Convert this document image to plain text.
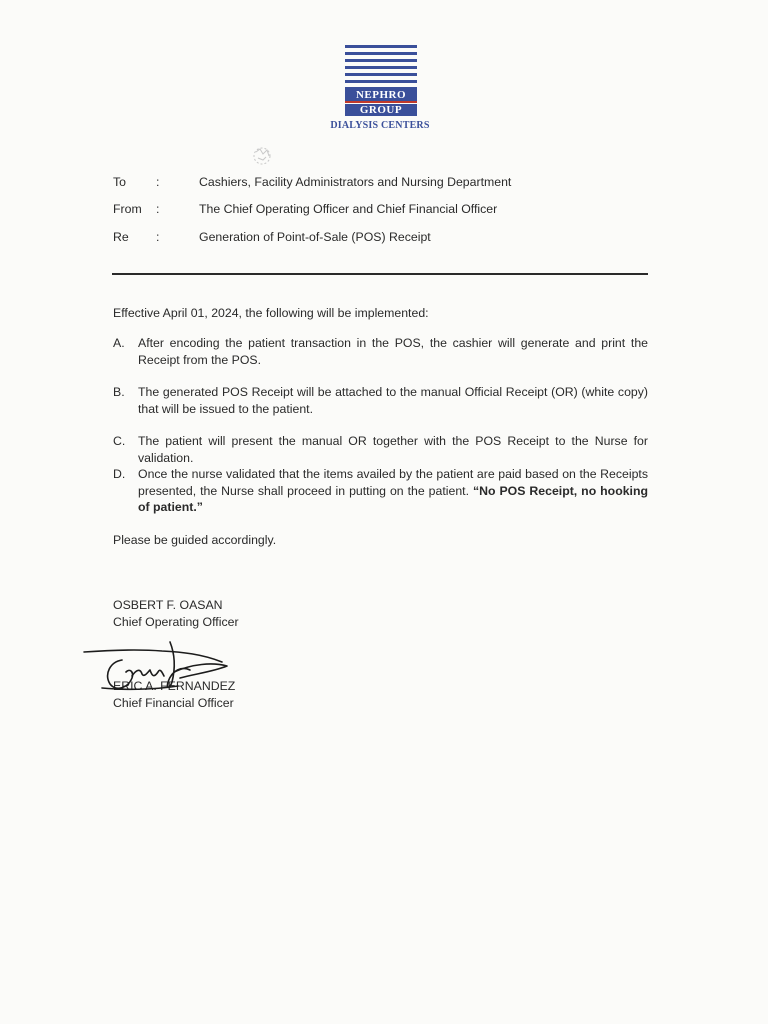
NEPHRO
GROUP
DIALYSIS CENTERS
To :	Cashiers, Facility Administrators and Nursing Department
From :	The Chief Operating Officer and Chief Financial Officer
Re :	Generation of Point-of-Sale (POS) Receipt
Effective April 01, 2024, the following will be implemented:
A. After encoding the patient transaction in the POS, the cashier will generate and print the Receipt from the POS.
B. The generated POS Receipt will be attached to the manual Official Receipt (OR) (white copy) that will be issued to the patient.
C. The patient will present the manual OR together with the POS Receipt to the Nurse for validation.
D. Once the nurse validated that the items availed by the patient are paid based on the Receipts presented, the Nurse shall proceed in putting on the patient. “No POS Receipt, no hooking of patient.”
Please be guided accordingly.
OSBERT F. OASAN
Chief Operating Officer
ERIC A. FERNANDEZ
Chief Financial Officer
